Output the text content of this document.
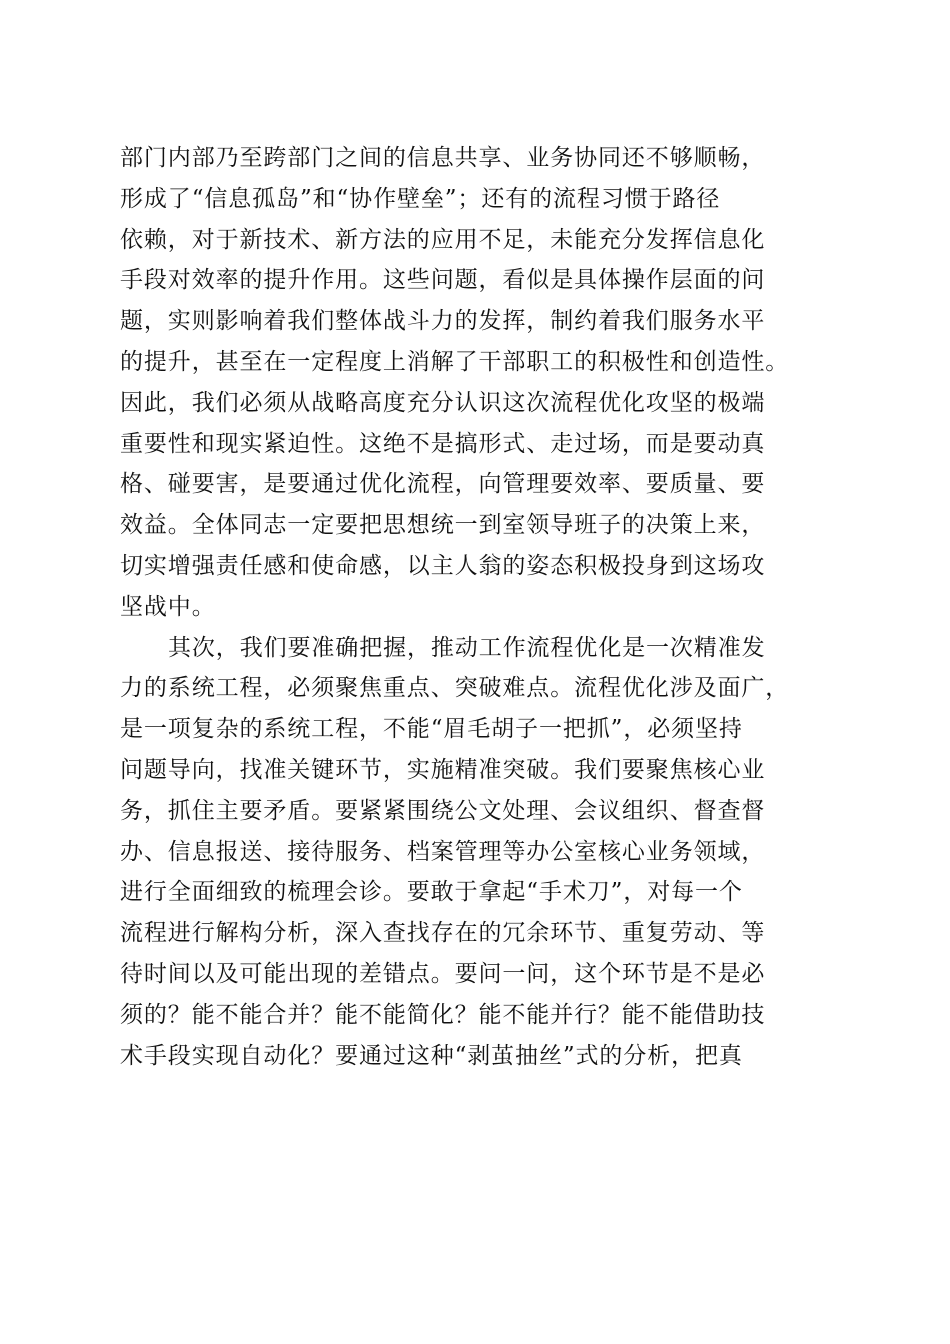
部门内部乃至跨部门之间的信息共享、业务协同还不够顺畅，
形成了“信息孤岛”和“协作壁垒”；还有的流程习惯于路径
依赖，对于新技术、新方法的应用不足，未能充分发挥信息化
手段对效率的提升作用。这些问题，看似是具体操作层面的问
题，实则影响着我们整体战斗力的发挥，制约着我们服务水平
的提升，甚至在一定程度上消解了干部职工的积极性和创造性。
因此，我们必须从战略高度充分认识这次流程优化攻坚的极端
重要性和现实紧迫性。这绝不是搞形式、走过场，而是要动真
格、碰要害，是要通过优化流程，向管理要效率、要质量、要
效益。全体同志一定要把思想统一到室领导班子的决策上来，
切实增强责任感和使命感，以主人翁的姿态积极投身到这场攻
坚战中。
其次，我们要准确把握，推动工作流程优化是一次精准发
力的系统工程，必须聚焦重点、突破难点。流程优化涉及面广，
是一项复杂的系统工程，不能“眉毛胡子一把抓”，必须坚持
问题导向，找准关键环节，实施精准突破。我们要聚焦核心业
务，抓住主要矛盾。要紧紧围绕公文处理、会议组织、督查督
办、信息报送、接待服务、档案管理等办公室核心业务领域，
进行全面细致的梳理会诊。要敢于拿起“手术刀”，对每一个
流程进行解构分析，深入查找存在的冗余环节、重复劳动、等
待时间以及可能出现的差错点。要问一问，这个环节是不是必
须的？能不能合并？能不能简化？能不能并行？能不能借助技
术手段实现自动化？要通过这种“剥茧抽丝”式的分析，把真
